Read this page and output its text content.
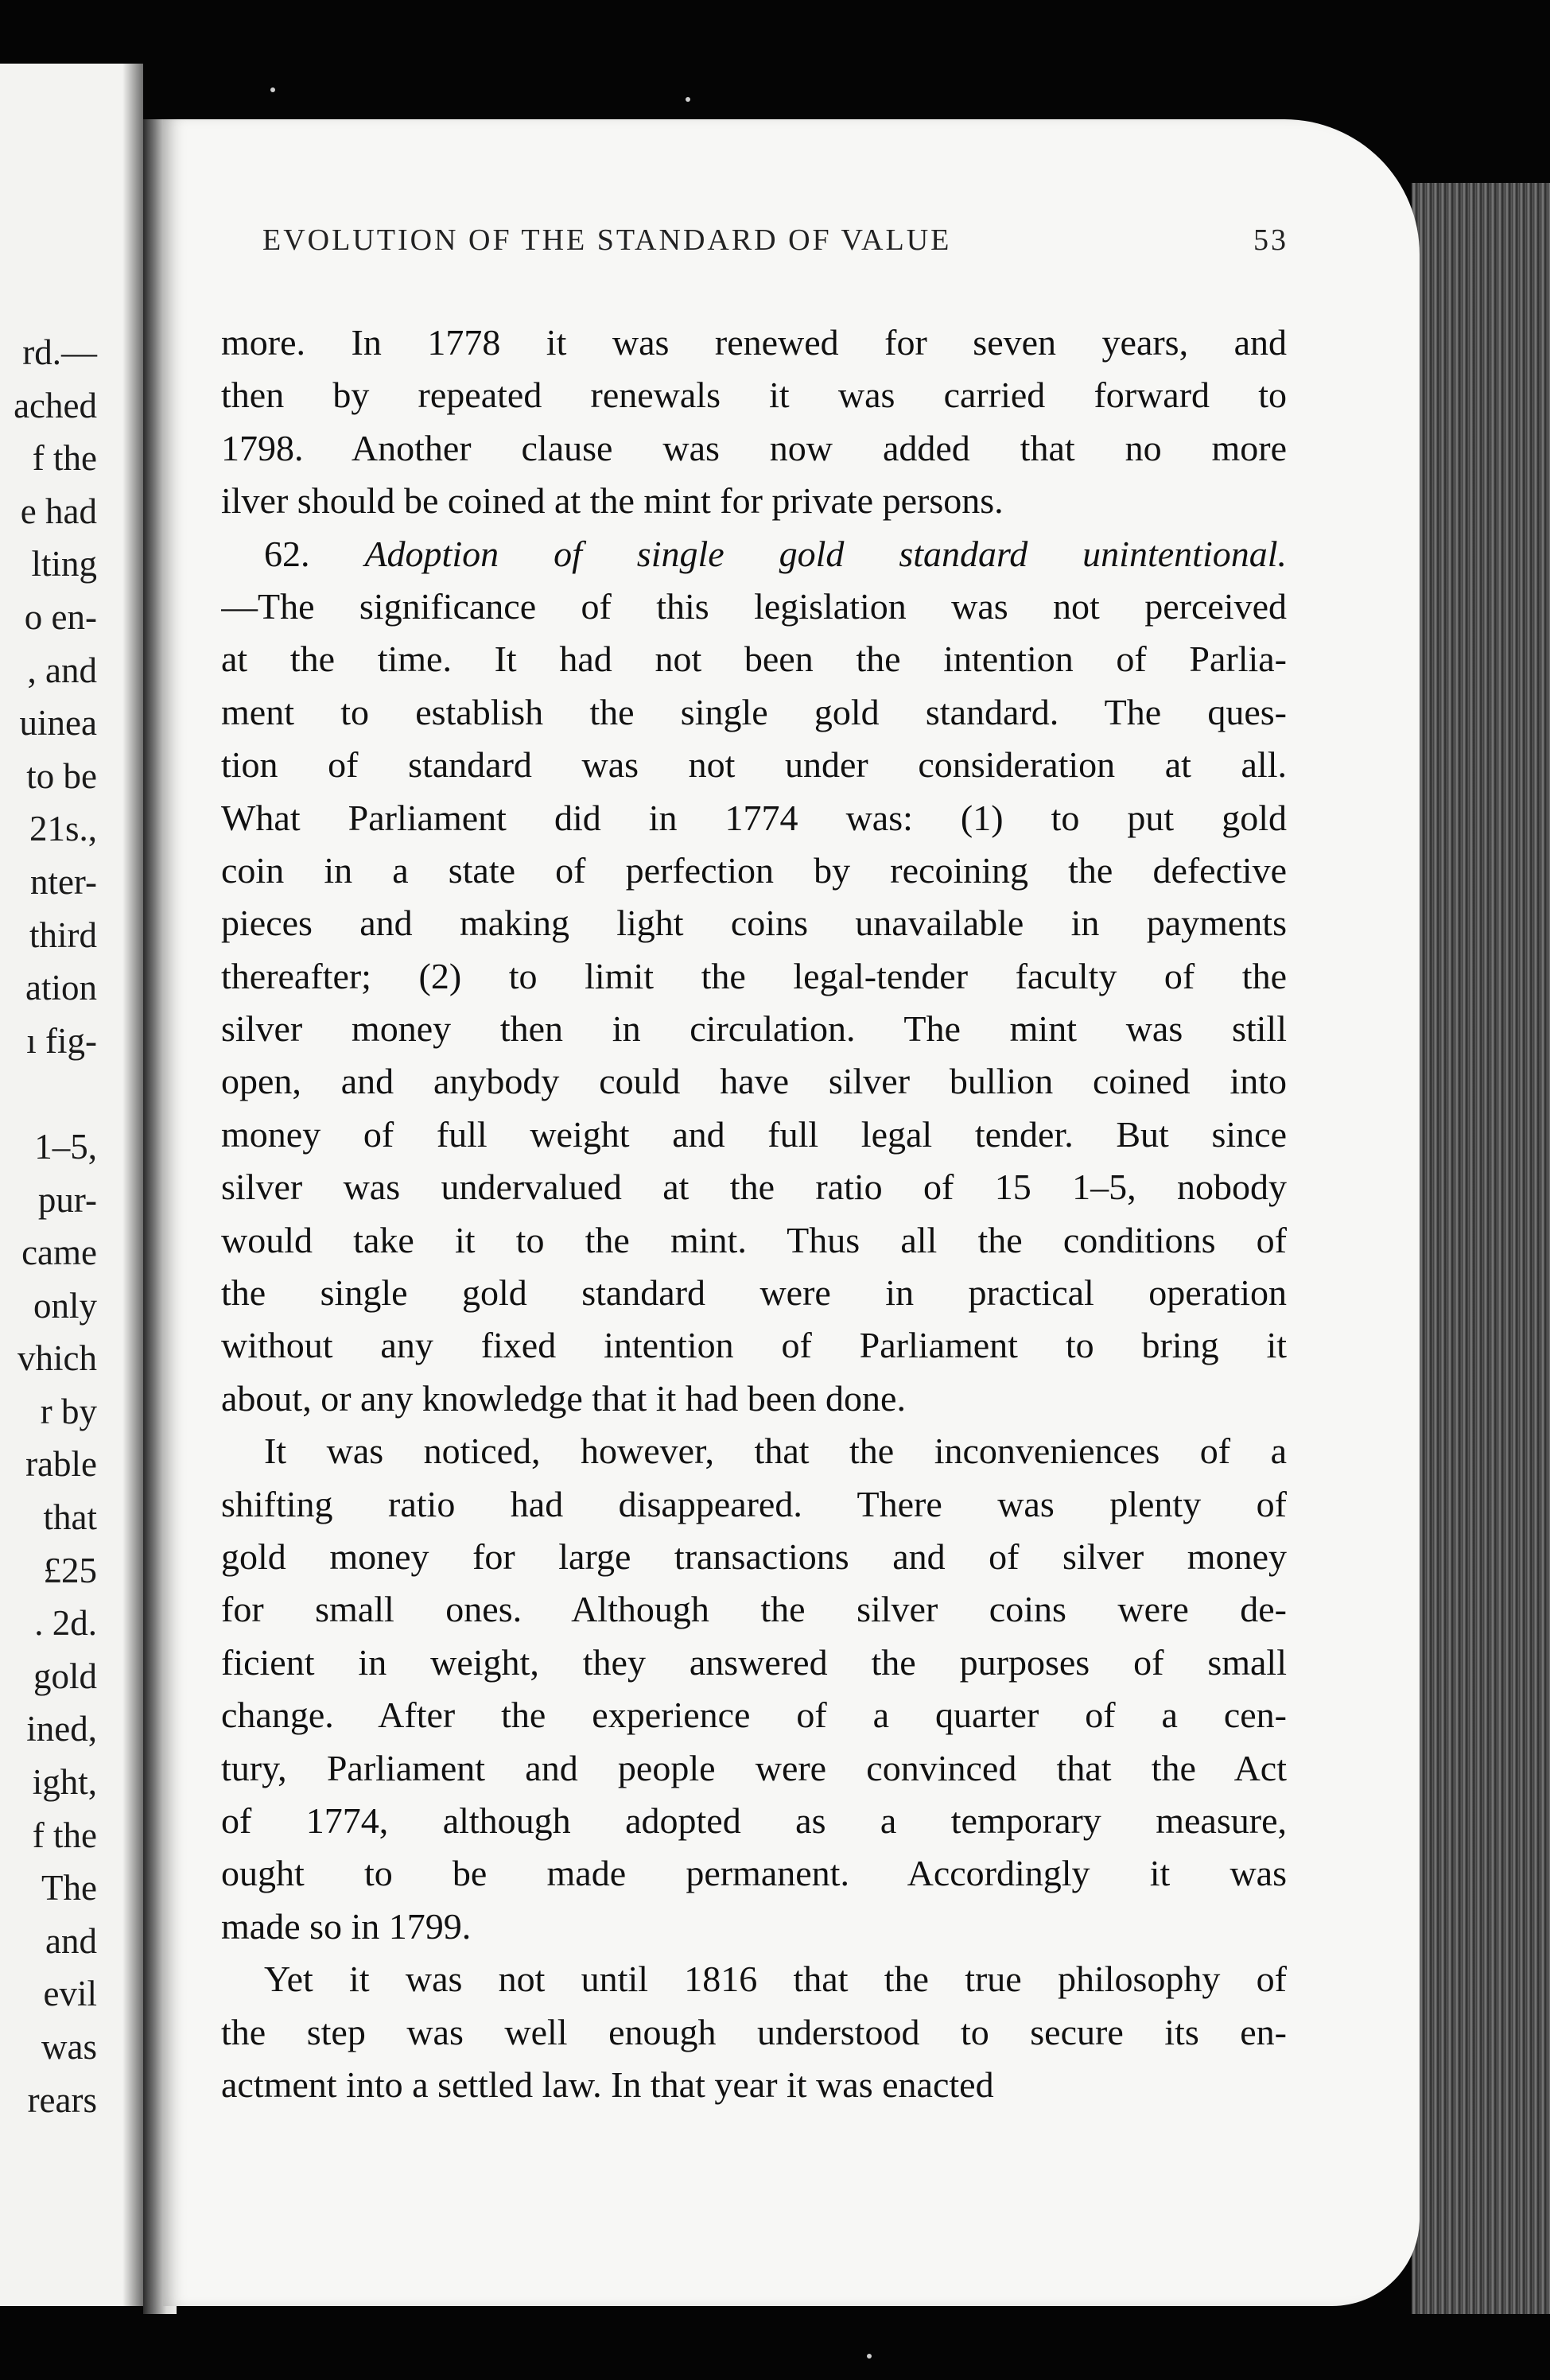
rd.—
ached
f the
e had
lting
o en-
, and
uinea
to be
21s.,
nter-
third
ation
ı fig-
1–5,
pur-
came
only
vhich
r by
rable
that
£25
. 2d.
gold
ined,
ight,
f the
The
and
evil
was
rears
EVOLUTION OF THE STANDARD OF VALUE	53
more. In 1778 it was renewed for seven years, and
then by repeated renewals it was carried forward to
1798. Another clause was now added that no more
ilver should be coined at the mint for private persons.
62. Adoption of single gold standard unintentional.
—The significance of this legislation was not perceived
at the time. It had not been the intention of Parlia-
ment to establish the single gold standard. The ques-
tion of standard was not under consideration at all.
What Parliament did in 1774 was: (1) to put gold
coin in a state of perfection by recoining the defective
pieces and making light coins unavailable in payments
thereafter; (2) to limit the legal-tender faculty of the
silver money then in circulation. The mint was still
open, and anybody could have silver bullion coined into
money of full weight and full legal tender. But since
silver was undervalued at the ratio of 15 1–5, nobody
would take it to the mint. Thus all the conditions of
the single gold standard were in practical operation
without any fixed intention of Parliament to bring it
about, or any knowledge that it had been done.
It was noticed, however, that the inconveniences of a
shifting ratio had disappeared. There was plenty of
gold money for large transactions and of silver money
for small ones. Although the silver coins were de-
ficient in weight, they answered the purposes of small
change. After the experience of a quarter of a cen-
tury, Parliament and people were convinced that the Act
of 1774, although adopted as a temporary measure,
ought to be made permanent. Accordingly it was
made so in 1799.
Yet it was not until 1816 that the true philosophy of
the step was well enough understood to secure its en-
actment into a settled law. In that year it was enacted
